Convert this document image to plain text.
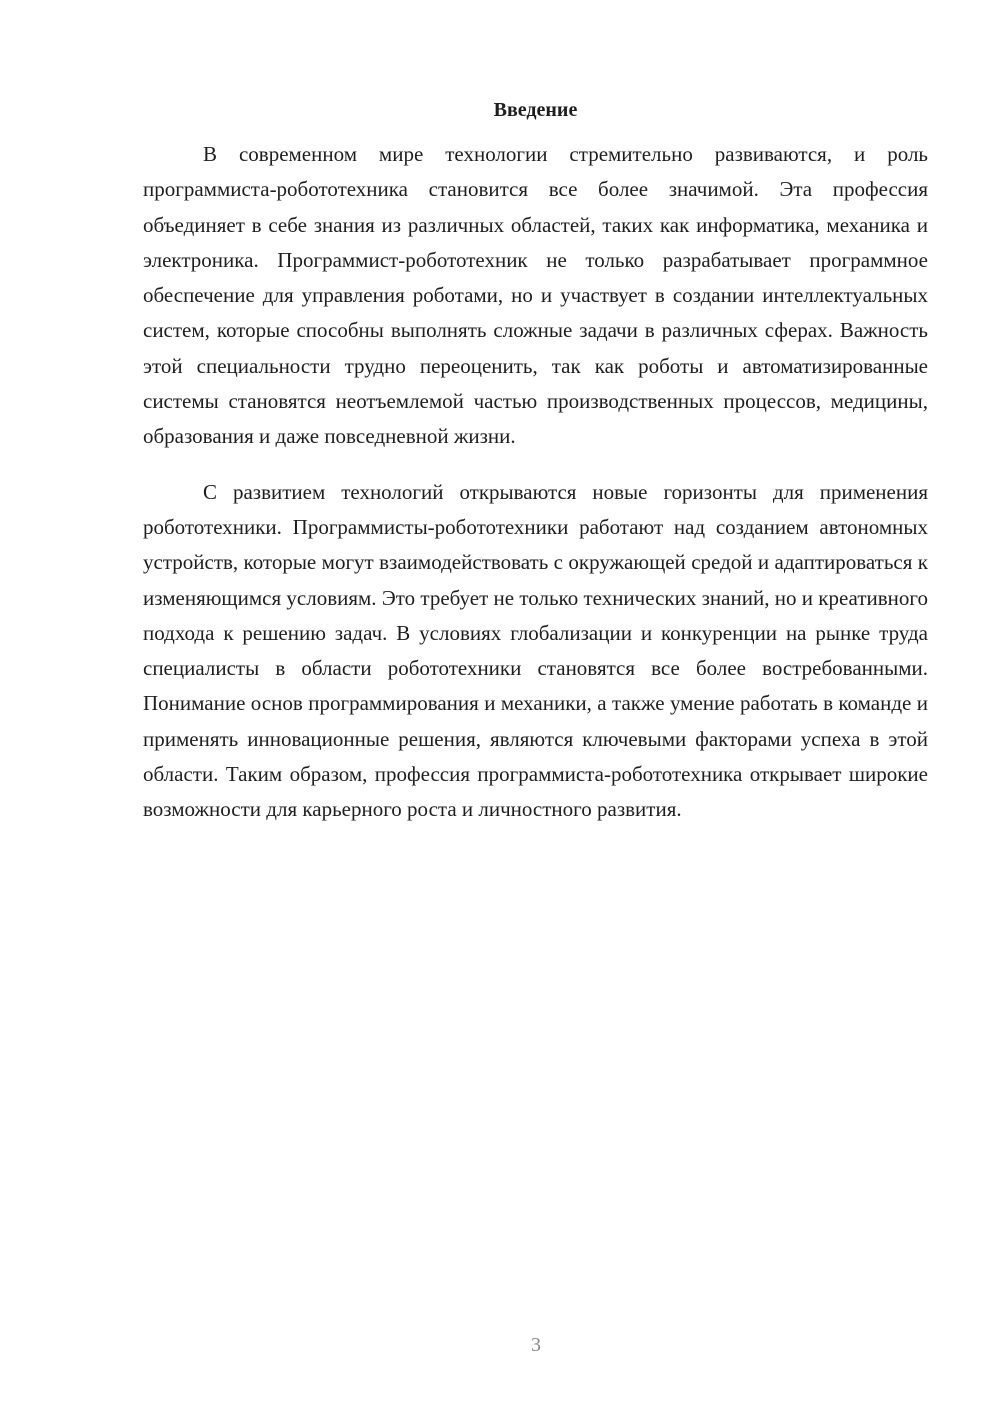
Введение

В современном мире технологии стремительно развиваются, и роль программиста-робототехника становится все более значимой. Эта профессия объединяет в себе знания из различных областей, таких как информатика, механика и электроника. Программист-робототехник не только разрабатывает программное обеспечение для управления роботами, но и участвует в создании интеллектуальных систем, которые способны выполнять сложные задачи в различных сферах. Важность этой специальности трудно переоценить, так как роботы и автоматизированные системы становятся неотъемлемой частью производственных процессов, медицины, образования и даже повседневной жизни.

С развитием технологий открываются новые горизонты для применения робототехники. Программисты-робототехники работают над созданием автономных устройств, которые могут взаимодействовать с окружающей средой и адаптироваться к изменяющимся условиям. Это требует не только технических знаний, но и креативного подхода к решению задач. В условиях глобализации и конкуренции на рынке труда специалисты в области робототехники становятся все более востребованными. Понимание основ программирования и механики, а также умение работать в команде и применять инновационные решения, являются ключевыми факторами успеха в этой области. Таким образом, профессия программиста-робототехника открывает широкие возможности для карьерного роста и личностного развития.

3
